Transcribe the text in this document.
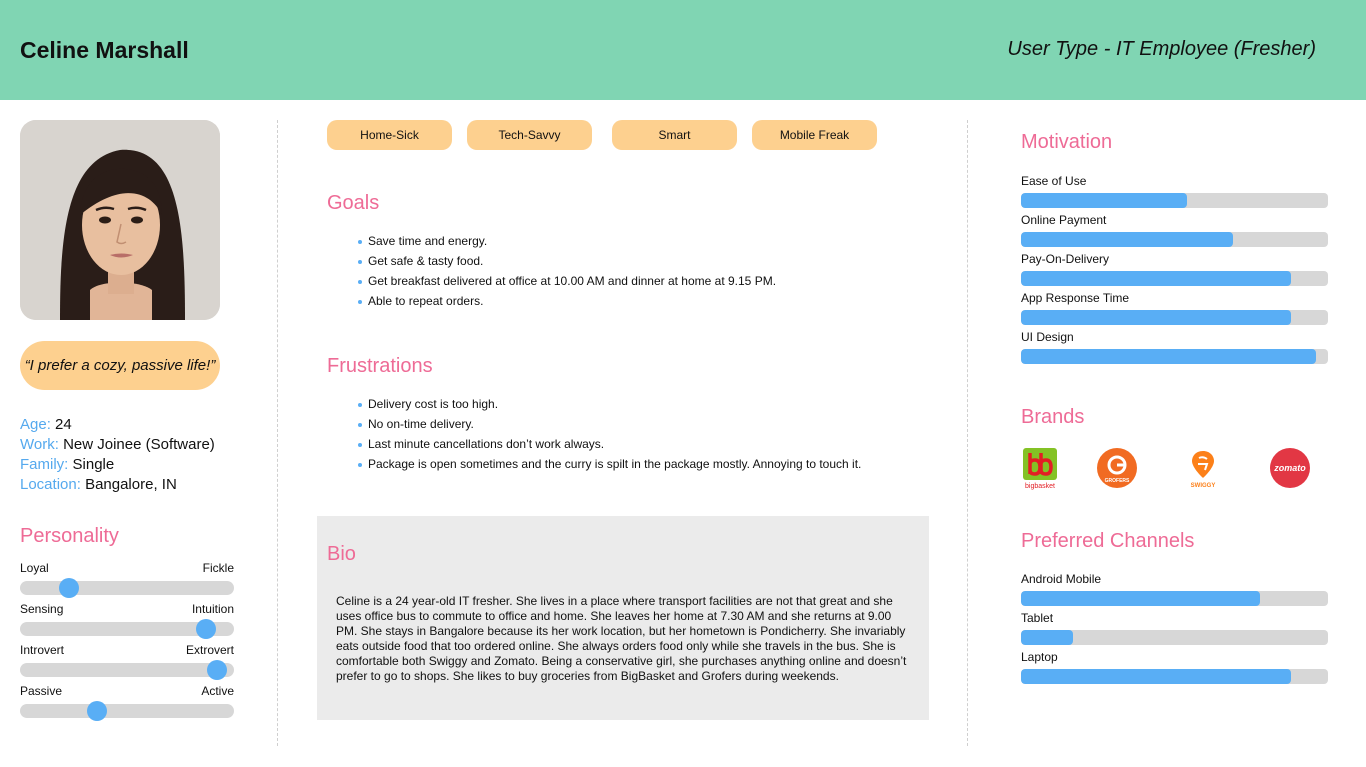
Celine Marshall	User Type - IT Employee (Fresher)
“I prefer a cozy, passive life!”
Age: 24
Work: New Joinee (Software)
Family: Single
Location: Bangalore, IN
Personality
Loyal	Fickle
Sensing	Intuition
Introvert	Extrovert
Passive	Active
Home-Sick	Tech-Savvy	Smart	Mobile Freak
Goals
Save time and energy.
Get safe & tasty food.
Get breakfast delivered at office at 10.00 AM and dinner at home at 9.15 PM.
Able to repeat orders.
Frustrations
Delivery cost is too high.
No on-time delivery.
Last minute cancellations don’t work always.
Package is open sometimes and the curry is spilt in the package mostly. Annoying to touch it.
Bio
Celine is a 24 year-old IT fresher. She lives in a place where transport facilities are not that great and she uses office bus to commute to office and home. She leaves her home at 7.30 AM and she returns at 9.00 PM. She stays in Bangalore because its her work location, but her hometown is Pondicherry. She invariably eats outside food that too ordered online. She always orders food only while she travels in the bus. She is comfortable both Swiggy and Zomato. Being a conservative girl, she purchases anything online and doesn’t prefer to go to shops. She likes to buy groceries from BigBasket and Grofers during weekends.
Motivation
Ease of Use
Online Payment
Pay-On-Delivery
App Response Time
UI Design
Brands
bigbasket
GROFERS
SWIGGY
zomato
Preferred Channels
Android Mobile
Tablet
Laptop
